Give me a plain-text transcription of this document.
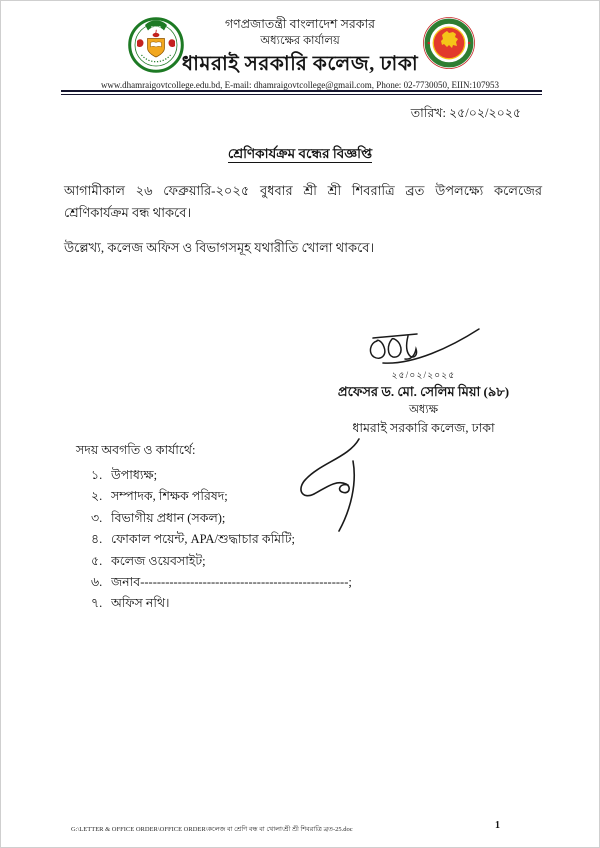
গণপ্রজাতন্ত্রী বাংলাদেশ সরকার
অধ্যক্ষের কার্যালয়
ধামরাই সরকারি কলেজ, ঢাকা
www.dhamraigovtcollege.edu.bd, E-mail: dhamraigovtcollege@gmail.com, Phone: 02-7730050, EIIN:107953
ধাসক
তারিখ: ২৫/০২/২০২৫
শ্রেণিকার্যক্রম বন্ধের বিজ্ঞপ্তি
আগামীকাল ২৬ ফেব্রুয়ারি-২০২৫ বুধবার শ্রী শ্রী শিবরাত্রি ব্রত উপলক্ষ্যে কলেজের শ্রেণিকার্যক্রম বন্ধ থাকবে।
উল্লেখ্য, কলেজ অফিস ও বিভাগসমূহ যথারীতি খোলা থাকবে।
২৫/০২/২০২৫
প্রফেসর ড. মো. সেলিম মিয়া (৯৮)
অধ্যক্ষ
ধামরাই সরকারি কলেজ, ঢাকা
সদয় অবগতি ও কার্যার্থে:
১. উপাধ্যক্ষ;
২. সম্পাদক, শিক্ষক পরিষদ;
৩. বিভাগীয় প্রধান (সকল);
৪. ফোকাল পয়েন্ট, APA/শুদ্ধাচার কমিটি;
৫. কলেজ ওয়েবসাইট;
৬. জনাব--------------------------------------------------;
৭. অফিস নথি।
G:\LETTER & OFFICE ORDER\OFFICE ORDER\কলেজ বা শ্রেণি বন্ধ বা খোলা\শ্রী শ্রী শিবরাত্রি ব্রত-25.doc	1
